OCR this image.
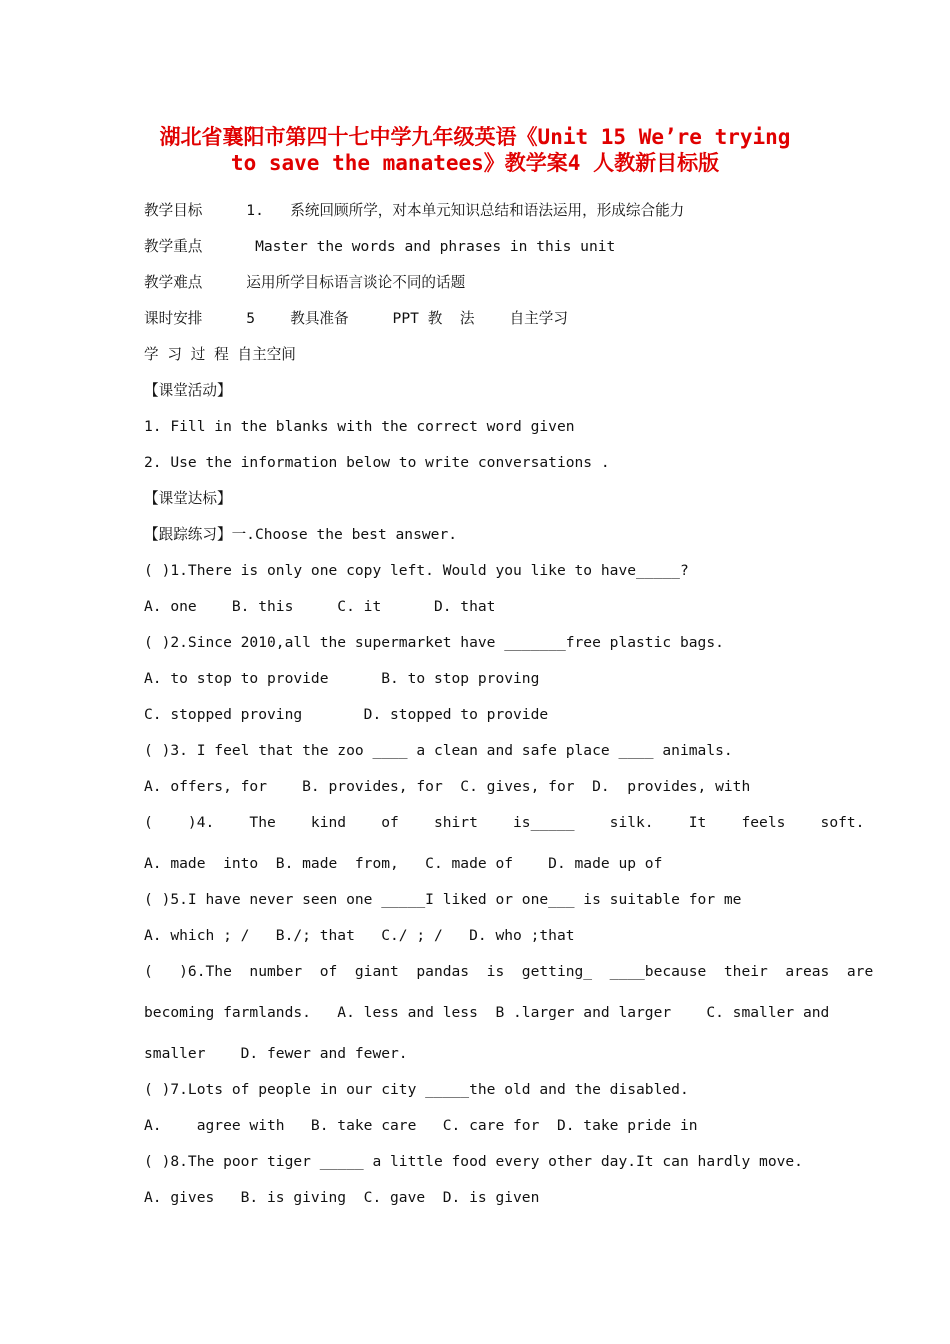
湖北省襄阳市第四十七中学九年级英语《Unit 15 We’re trying
to save the manatees》教学案4 人教新目标版
教学目标     1.   系统回顾所学，对本单元知识总结和语法运用，形成综合能力
教学重点      Master the words and phrases in this unit
教学难点     运用所学目标语言谈论不同的话题
课时安排     5    教具准备     PPT 教  法    自主学习
学 习 过 程 自主空间
【课堂活动】
1. Fill in the blanks with the correct word given
2. Use the information below to write conversations .
【课堂达标】
【跟踪练习】一.Choose the best answer.
( )1.There is only one copy left. Would you like to have_____?
A. one    B. this     C. it      D. that
( )2.Since 2010,all the supermarket have _______free plastic bags.
A. to stop to provide      B. to stop proving
C. stopped proving       D. stopped to provide
( )3. I feel that the zoo ____ a clean and safe place ____ animals.
A. offers, for    B. provides, for  C. gives, for  D.  provides, with
(    )4.    The    kind    of    shirt    is_____    silk.    It    feels    soft.
A. made  into  B. made  from,   C. made of    D. made up of
( )5.I have never seen one _____I liked or one___ is suitable for me
A. which ; /   B./; that   C./ ; /   D. who ;that
(   )6.The  number  of  giant  pandas  is  getting_  ____because  their  areas  are
becoming farmlands.   A. less and less  B .larger and larger    C. smaller and
smaller    D. fewer and fewer.
( )7.Lots of people in our city _____the old and the disabled.
A.    agree with   B. take care   C. care for  D. take pride in
( )8.The poor tiger _____ a little food every other day.It can hardly move.
A. gives   B. is giving  C. gave  D. is given
